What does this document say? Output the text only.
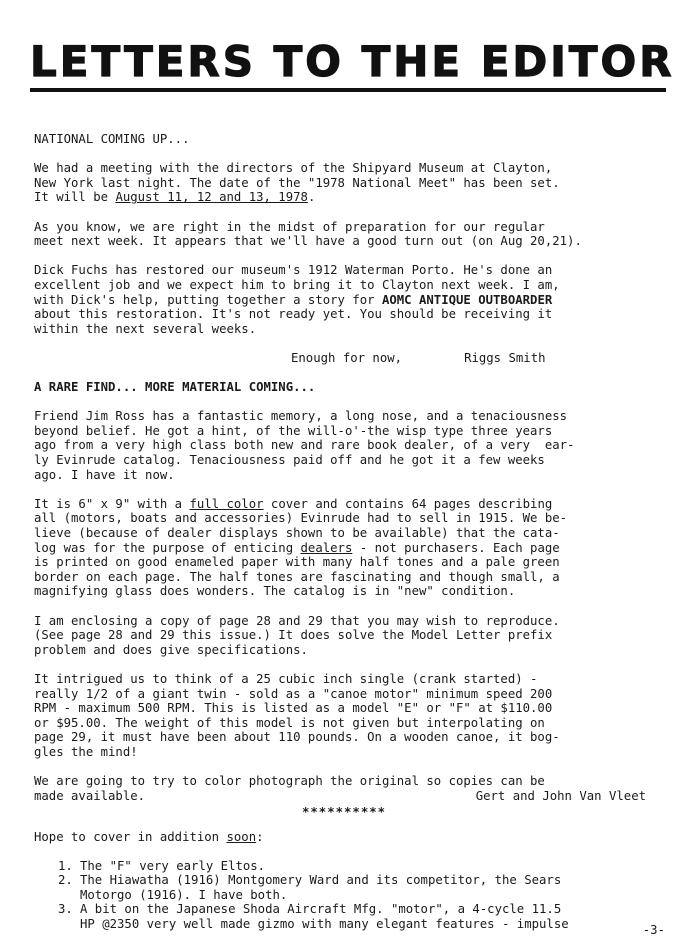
LETTERS TO THE EDITOR
NATIONAL COMING UP...

We had a meeting with the directors of the Shipyard Museum at Clayton,
New York last night. The date of the "1978 National Meet" has been set.
It will be August 11, 12 and 13, 1978.

As you know, we are right in the midst of preparation for our regular
meet next week. It appears that we'll have a good turn out (on Aug 20,21).

Dick Fuchs has restored our museum's 1912 Waterman Porto. He's done an
excellent job and we expect him to bring it to Clayton next week. I am,
with Dick's help, putting together a story for AOMC ANTIQUE OUTBOARDER
about this restoration. It's not ready yet. You should be receiving it
within the next several weeks.

Enough for now,	Riggs Smith
A RARE FIND... MORE MATERIAL COMING...

Friend Jim Ross has a fantastic memory, a long nose, and a tenaciousness
beyond belief. He got a hint, of the will-o'-the wisp type three years
ago from a very high class both new and rare book dealer, of a very  ear-
ly Evinrude catalog. Tenaciousness paid off and he got it a few weeks
ago. I have it now.

It is 6" x 9" with a full color cover and contains 64 pages describing
all (motors, boats and accessories) Evinrude had to sell in 1915. We be-
lieve (because of dealer displays shown to be available) that the cata-
log was for the purpose of enticing dealers - not purchasers. Each page
is printed on good enameled paper with many half tones and a pale green
border on each page. The half tones are fascinating and though small, a
magnifying glass does wonders. The catalog is in "new" condition.

I am enclosing a copy of page 28 and 29 that you may wish to reproduce.
(See page 28 and 29 this issue.) It does solve the Model Letter prefix
problem and does give specifications.

It intrigued us to think of a 25 cubic inch single (crank started) -
really 1/2 of a giant twin - sold as a "canoe motor" minimum speed 200
RPM - maximum 500 RPM. This is listed as a model "E" or "F" at $110.00
or $95.00. The weight of this model is not given but interpolating on
page 29, it must have been about 110 pounds. On a wooden canoe, it bog-
gles the mind!

We are going to try to color photograph the original so copies can be
made available.	Gert and John Van Vleet
**********

Hope to cover in addition soon:

1. The "F" very early Eltos.
2. The Hiawatha (1916) Montgomery Ward and its competitor, the Sears
Motorgo (1916). I have both.
3. A bit on the Japanese Shoda Aircraft Mfg. "motor", a 4-cycle 11.5
HP @2350 very well made gizmo with many elegant features - impulse	-3-
